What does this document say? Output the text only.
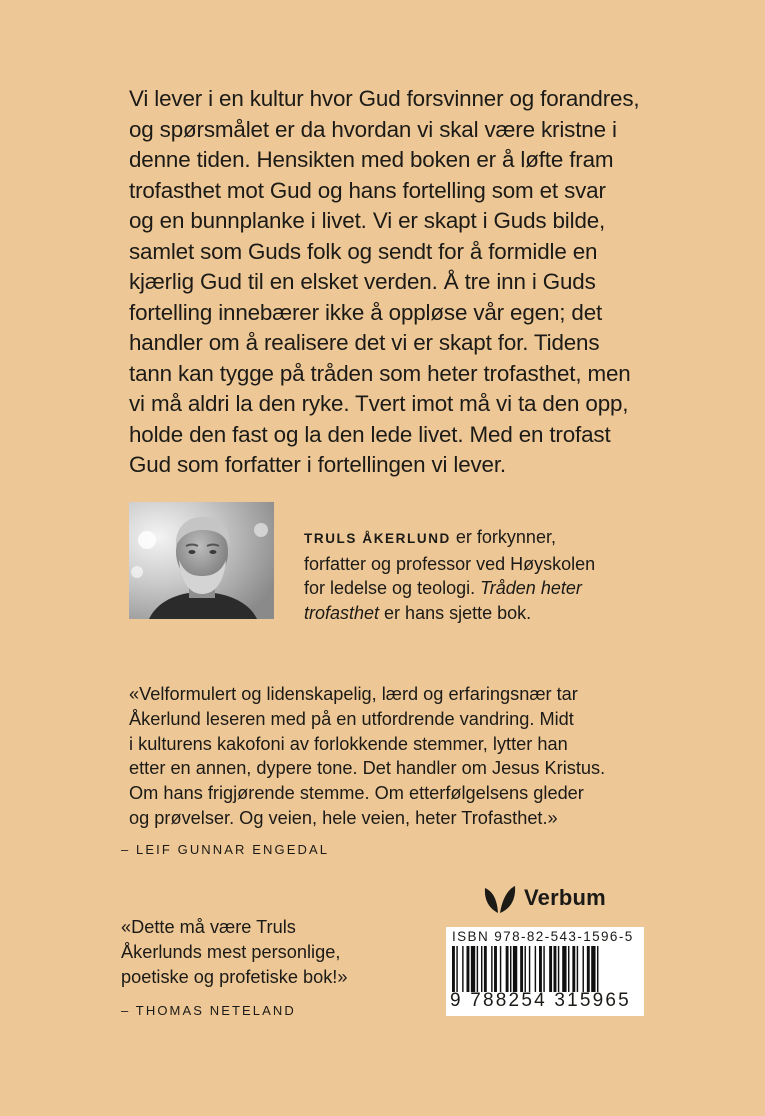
Vi lever i en kultur hvor Gud forsvinner og forandres,

og spørsmålet er da hvordan vi skal være kristne i

denne tiden. Hensikten med boken er å løfte fram

trofasthet mot Gud og hans fortelling som et svar

og en bunnplanke i livet. Vi er skapt i Guds bilde,

samlet som Guds folk og sendt for å formidle en

kjærlig Gud til en elsket verden. Å tre inn i Guds

fortelling innebærer ikke å oppløse vår egen; det

handler om å realisere det vi er skapt for. Tidens

tann kan tygge på tråden som heter trofasthet, men

vi må aldri la den ryke. Tvert imot må vi ta den opp,

holde den fast og la den lede livet. Med en trofast

Gud som forfatter i fortellingen vi lever.

TRULS ÅKERLUND er forkynner,

forfatter og professor ved Høyskolen

for ledelse og teologi. Tråden heter

trofasthet er hans sjette bok.

«Velformulert og lidenskapelig, lærd og erfaringsnær tar

Åkerlund leseren med på en utfordrende vandring. Midt

i kulturens kakofoni av forlokkende stemmer, lytter han

etter en annen, dypere tone. Det handler om Jesus Kristus.

Om hans frigjørende stemme. Om etterfølgelsens gleder

og prøvelser. Og veien, hele veien, heter Trofasthet.»

– LEIF GUNNAR ENGEDAL

«Dette må være Truls

Åkerlunds mest personlige,

poetiske og profetiske bok!»

– THOMAS NETELAND
Verbum
ISBN 978-82-543-1596-5
9 788254 315965
